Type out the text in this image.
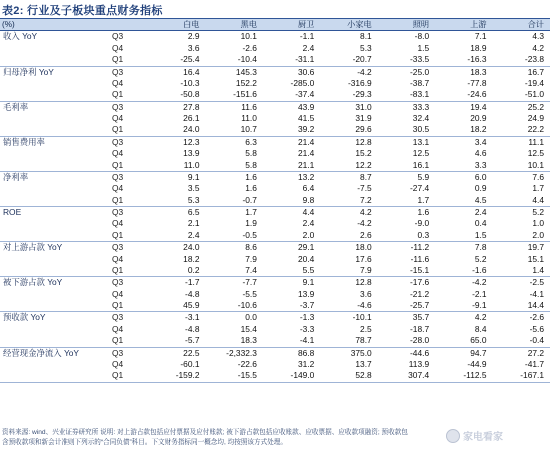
表2: 行业及子板块重点财务指标
(%)		白电	黑电	厨卫	小家电	照明	上游	合计
收入 YoY	Q3	2.9	10.1	-1.1	8.1	-8.0	7.1	4.3
	Q4	3.6	-2.6	2.4	5.3	1.5	18.9	4.2
	Q1	-25.4	-10.4	-31.1	-20.7	-33.5	-16.3	-23.8
归母净利 YoY	Q3	16.4	145.3	30.6	-4.2	-25.0	18.3	16.7
	Q4	-10.3	152.2	-285.0	-316.9	-38.7	-77.8	-19.4
	Q1	-50.8	-151.6	-37.4	-29.3	-83.1	-24.6	-51.0
毛利率	Q3	27.8	11.6	43.9	31.0	33.3	19.4	25.2
	Q4	26.1	11.0	41.5	31.9	32.4	20.9	24.9
	Q1	24.0	10.7	39.2	29.6	30.5	18.2	22.2
销售费用率	Q3	12.3	6.3	21.4	12.8	13.1	3.4	11.1
	Q4	13.9	5.8	21.4	15.2	12.5	4.6	12.5
	Q1	11.0	5.8	21.1	12.2	16.1	3.3	10.1
净利率	Q3	9.1	1.6	13.2	8.7	5.9	6.0	7.6
	Q4	3.5	1.6	6.4	-7.5	-27.4	0.9	1.7
	Q1	5.3	-0.7	9.8	7.2	1.7	4.5	4.4
ROE	Q3	6.5	1.7	4.4	4.2	1.6	2.4	5.2
	Q4	2.1	1.9	2.4	-4.2	-9.0	0.4	1.0
	Q1	2.4	-0.5	2.0	2.6	0.3	1.5	2.0
对上游占款 YoY	Q3	24.0	8.6	29.1	18.0	-11.2	7.8	19.7
	Q4	18.2	7.9	20.4	17.6	-11.6	5.2	15.1
	Q1	0.2	7.4	5.5	7.9	-15.1	-1.6	1.4
被下游占款 YoY	Q3	-1.7	-7.7	9.1	12.8	-17.6	-4.2	-2.5
	Q4	-4.8	-5.5	13.9	3.6	-21.2	-2.1	-4.1
	Q1	45.9	-10.6	-3.7	-4.6	-25.7	-9.1	14.4
预收款 YoY	Q3	-3.1	0.0	-1.3	-10.1	35.7	4.2	-2.6
	Q4	-4.8	15.4	-3.3	2.5	-18.7	8.4	-5.6
	Q1	-5.7	18.3	-4.1	78.7	-28.0	65.0	-0.4
经营现金净流入 YoY	Q3	22.5	-2,332.3	86.8	375.0	-44.6	94.7	27.2
	Q4	-60.1	-22.6	31.2	13.7	113.9	-44.9	-41.7
	Q1	-159.2	-15.5	-149.0	52.8	307.4	-112.5	-167.1

资料来源: wind、兴业证券研究所 说明: 对上游占款包括应付票据及应付账款; 被下游占款包括应收账款、应收票据、应收款项融资; 预收款包

含预收款项和新会计准则下列示的“合同负债”科目。下文财务指标同一概念均, 均按照该方式处理。	家电看家
